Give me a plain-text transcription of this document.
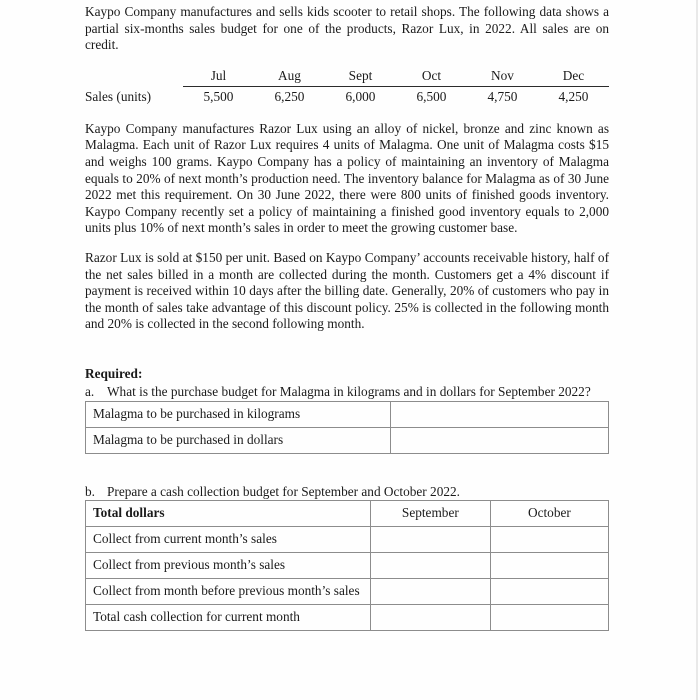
Kaypo Company manufactures and sells kids scooter to retail shops. The following data shows a partial six-months sales budget for one of the products, Razor Lux, in 2022. All sales are on credit.

	Jul	Aug	Sept	Oct	Nov	Dec
Sales (units)	5,500	6,250	6,000	6,500	4,750	4,250

Kaypo Company manufactures Razor Lux using an alloy of nickel, bronze and zinc known as Malagma. Each unit of Razor Lux requires 4 units of Malagma. One unit of Malagma costs $15 and weighs 100 grams. Kaypo Company has a policy of maintaining an inventory of Malagma equals to 20% of next month’s production need. The inventory balance for Malagma as of 30 June 2022 met this requirement. On 30 June 2022, there were 800 units of finished goods inventory. Kaypo Company recently set a policy of maintaining a finished good inventory equals to 2,000 units plus 10% of next month’s sales in order to meet the growing customer base.

Razor Lux is sold at $150 per unit. Based on Kaypo Company’ accounts receivable history, half of the net sales billed in a month are collected during the month. Customers get a 4% discount if payment is received within 10 days after the billing date. Generally, 20% of customers who pay in the month of sales take advantage of this discount policy. 25% is collected in the following month and 20% is collected in the second following month.

Required:
a. What is the purchase budget for Malagma in kilograms and in dollars for September 2022?
Malagma to be purchased in kilograms	
Malagma to be purchased in dollars	
b. Prepare a cash collection budget for September and October 2022.
Total dollars	September	October
Collect from current month’s sales		
Collect from previous month’s sales		
Collect from month before previous month’s sales		
Total cash collection for current month		
